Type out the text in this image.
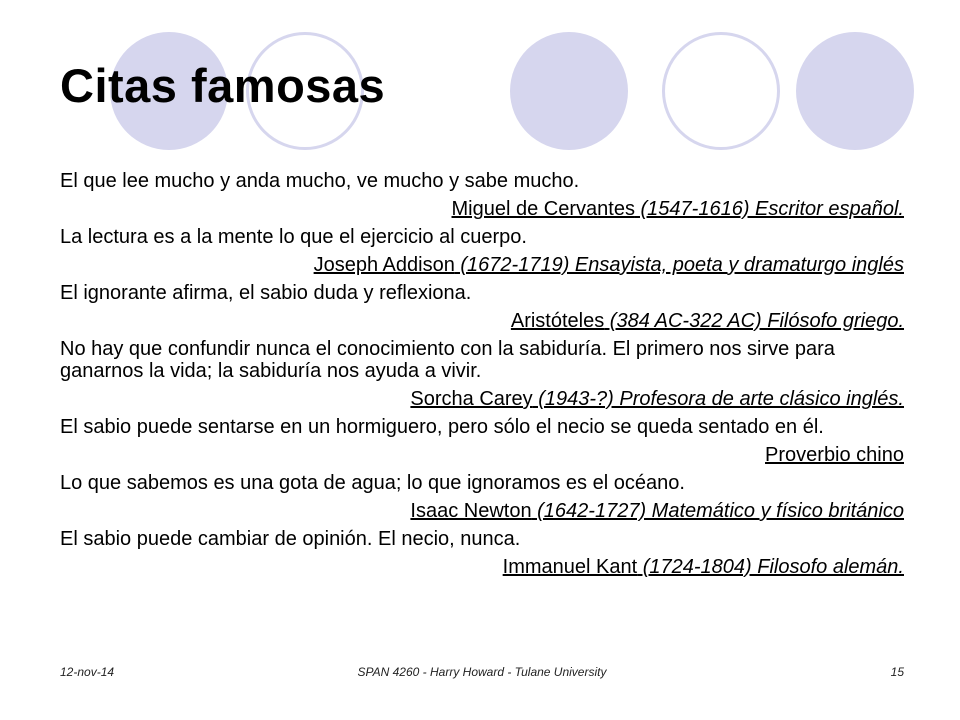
Citas famosas

El que lee mucho y anda mucho, ve mucho y sabe mucho.

Miguel de Cervantes (1547-1616) Escritor español.

La lectura es a la mente lo que el ejercicio al cuerpo.

Joseph Addison (1672-1719) Ensayista, poeta y dramaturgo inglés

El ignorante afirma, el sabio duda y reflexiona.

Aristóteles (384 AC-322 AC) Filósofo griego.

No hay que confundir nunca el conocimiento con la sabiduría. El primero nos sirve para ganarnos la vida; la sabiduría nos ayuda a vivir.

Sorcha Carey (1943-?) Profesora de arte clásico inglés.

El sabio puede sentarse en un hormiguero, pero sólo el necio se queda sentado en él.

Proverbio chino

Lo que sabemos es una gota de agua; lo que ignoramos es el océano.

Isaac Newton (1642-1727) Matemático y físico británico

El sabio puede cambiar de opinión. El necio, nunca.

Immanuel Kant (1724-1804) Filosofo alemán.

12-nov-14	SPAN 4260 - Harry Howard - Tulane University	15
